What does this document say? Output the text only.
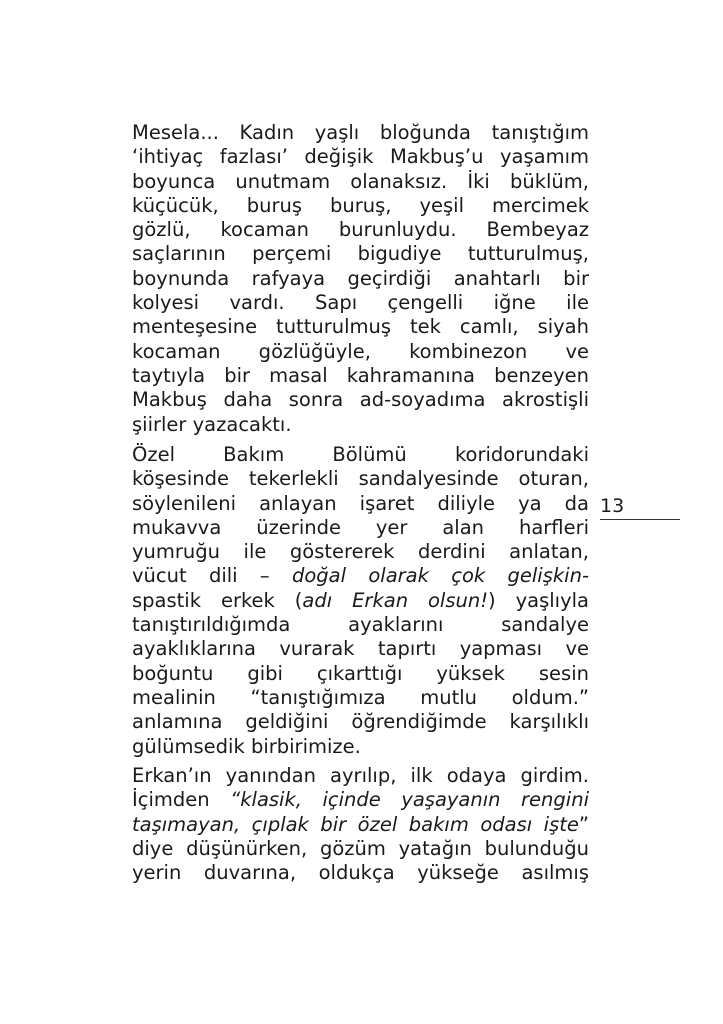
Mesela... Kadın yaşlı bloğunda tanıştığım
‘ihtiyaç fazlası’ değişik Makbuş’u yaşamım
boyunca unutmam olanaksız. İki büklüm,
küçücük, buruş buruş, yeşil mercimek
gözlü, kocaman burunluydu. Bembeyaz
saçlarının perçemi bigudiye tutturulmuş,
boynunda rafyaya geçirdiği anahtarlı bir
kolyesi vardı. Sapı çengelli iğne ile
menteşesine tutturulmuş tek camlı, siyah
kocaman gözlüğüyle, kombinezon ve
taytıyla bir masal kahramanına benzeyen
Makbuş daha sonra ad-soyadıma akrostişli
şiirler yazacaktı.
Özel Bakım Bölümü koridorundaki
köşesinde tekerlekli sandalyesinde oturan,
söylenileni anlayan işaret diliyle ya da
mukavva üzerinde yer alan harfleri
yumruğu ile göstererek derdini anlatan,
vücut dili – doğal olarak çok gelişkin-
spastik erkek (adı Erkan olsun!) yaşlıyla
tanıştırıldığımda ayaklarını sandalye
ayaklıklarına vurarak tapırtı yapması ve
boğuntu gibi çıkarttığı yüksek sesin
mealinin “tanıştığımıza mutlu oldum.”
anlamına geldiğini öğrendiğimde karşılıklı
gülümsedik birbirimize.
Erkan’ın yanından ayrılıp, ilk odaya girdim.
İçimden “klasik, içinde yaşayanın rengini
taşımayan, çıplak bir özel bakım odası işte”
diye düşünürken, gözüm yatağın bulunduğu
yerin duvarına, oldukça yükseğe asılmış
13
